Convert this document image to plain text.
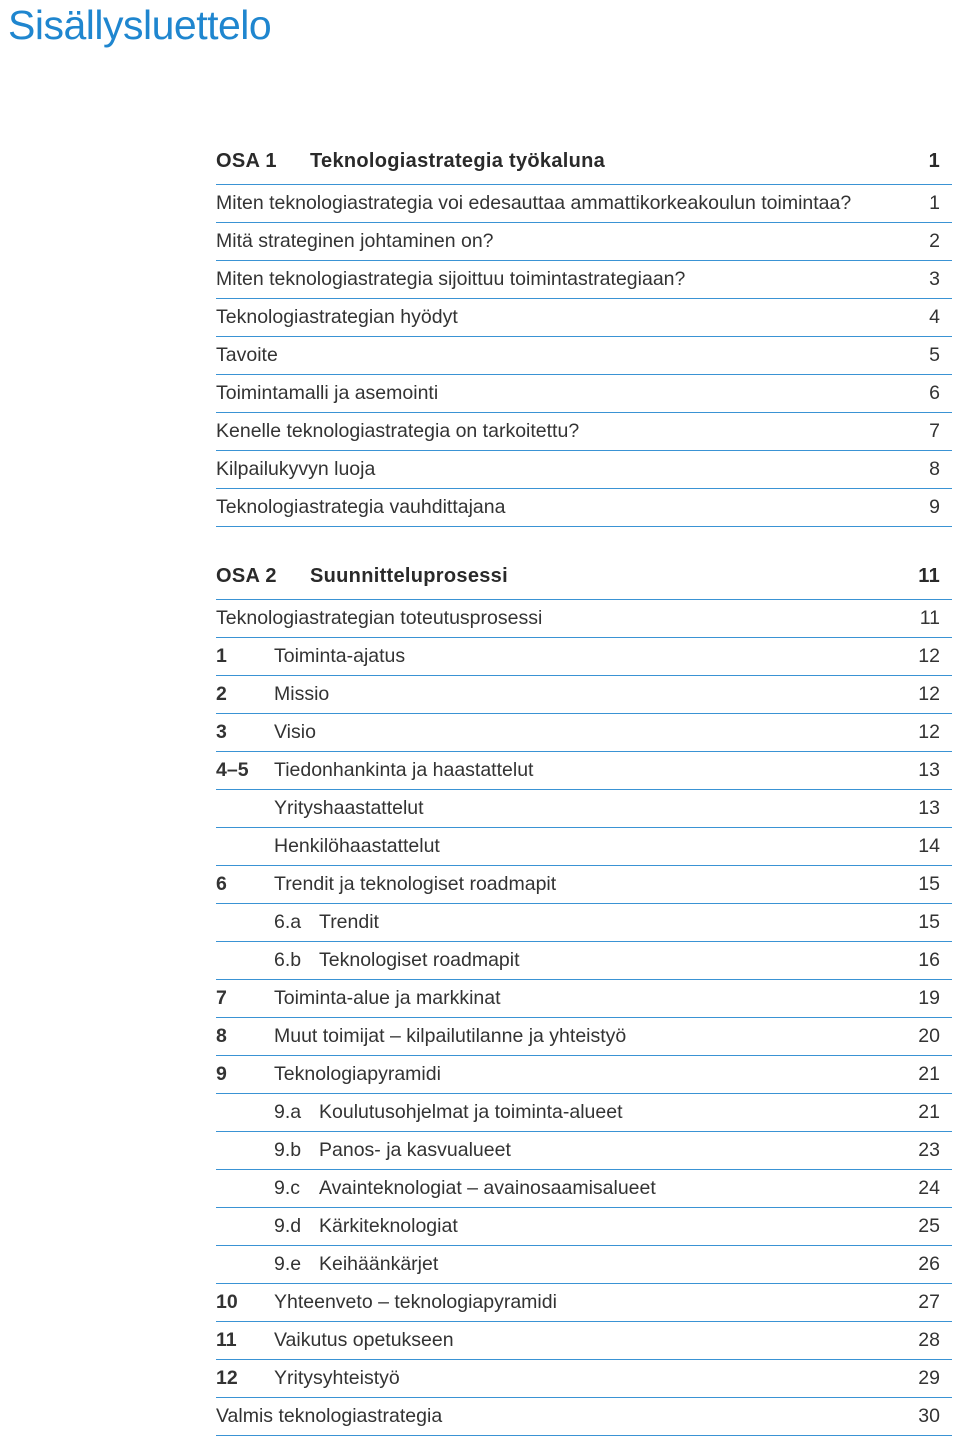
Sisällysluettelo
OSA 1	Teknologiastrategia työkaluna	1
Miten teknologiastrategia voi edesauttaa ammattikorkeakoulun toimintaa?	1
Mitä strateginen johtaminen on?	2
Miten teknologiastrategia sijoittuu toimintastrategiaan?	3
Teknologiastrategian hyödyt	4
Tavoite	5
Toimintamalli ja asemointi	6
Kenelle teknologiastrategia on tarkoitettu?	7
Kilpailukyvyn luoja	8
Teknologiastrategia vauhdittajana	9
OSA 2	Suunnitteluprosessi	11
Teknologiastrategian toteutusprosessi	11
1	Toiminta-ajatus	12
2	Missio	12
3	Visio	12
4–5	Tiedonhankinta ja haastattelut	13
Yrityshaastattelut	13
Henkilöhaastattelut	14
6	Trendit ja teknologiset roadmapit	15
6.a Trendit	15
6.b Teknologiset roadmapit	16
7	Toiminta-alue ja markkinat	19
8	Muut toimijat – kilpailutilanne ja yhteistyö	20
9	Teknologiapyramidi	21
9.a Koulutusohjelmat ja toiminta-alueet	21
9.b Panos- ja kasvualueet	23
9.c Avainteknologiat – avainosaamisalueet	24
9.d Kärkiteknologiat	25
9.e Keihäänkärjet	26
10	Yhteenveto – teknologiapyramidi	27
11	Vaikutus opetukseen	28
12	Yritysyhteistyö	29
Valmis teknologiastrategia	30
